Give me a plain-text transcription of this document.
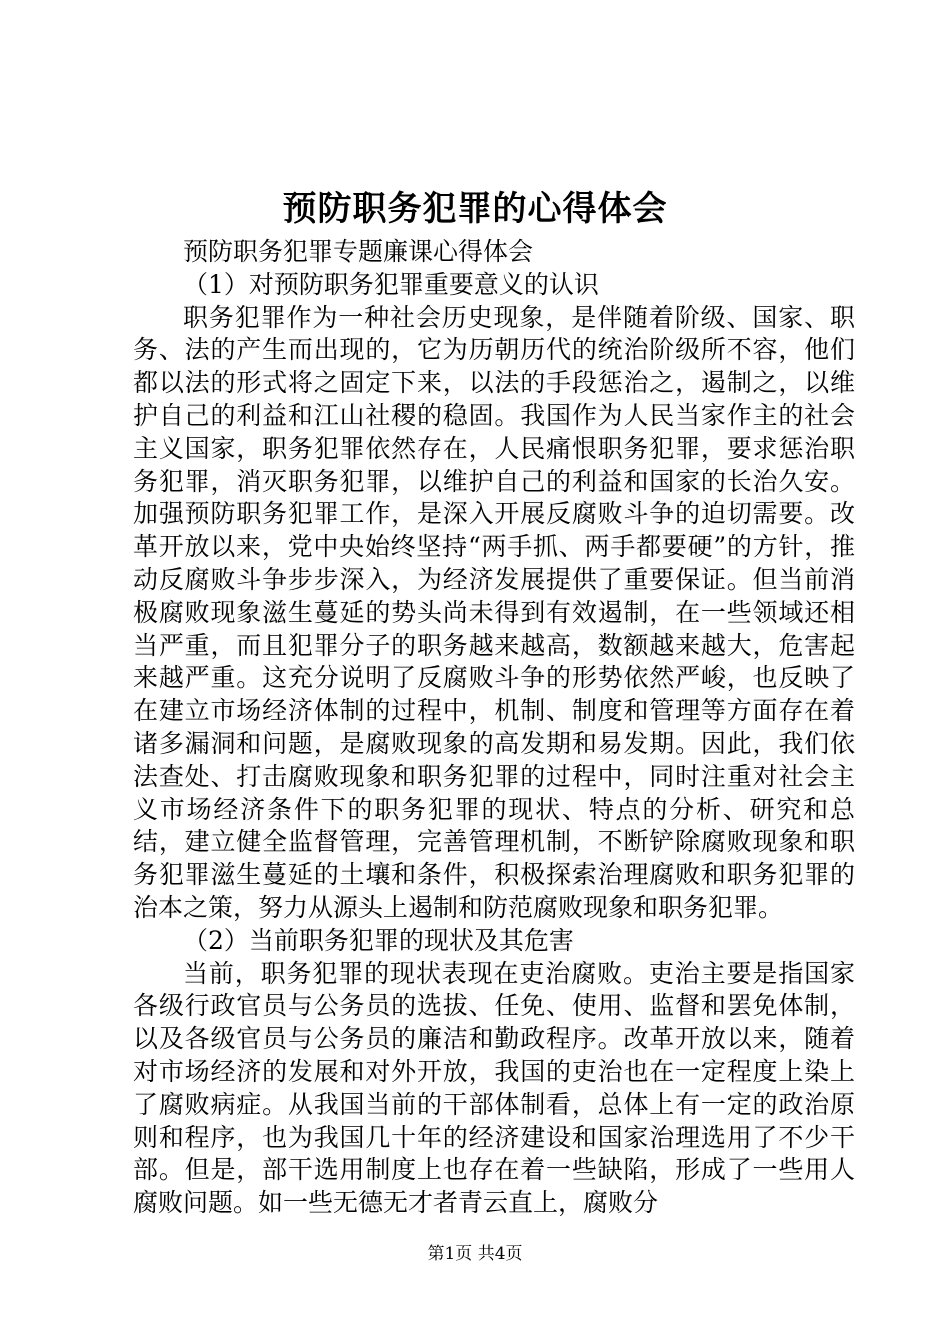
预防职务犯罪的心得体会

预防职务犯罪专题廉课心得体会

（1）对预防职务犯罪重要意义的认识

职务犯罪作为一种社会历史现象，是伴随着阶级、国家、职务、法的产生而出现的，它为历朝历代的统治阶级所不容，他们都以法的形式将之固定下来，以法的手段惩治之，遏制之，以维护自己的利益和江山社稷的稳固。我国作为人民当家作主的社会主义国家，职务犯罪依然存在，人民痛恨职务犯罪，要求惩治职务犯罪，消灭职务犯罪，以维护自己的利益和国家的长治久安。加强预防职务犯罪工作，是深入开展反腐败斗争的迫切需要。改革开放以来，党中央始终坚持“两手抓、两手都要硬”的方针，推动反腐败斗争步步深入，为经济发展提供了重要保证。但当前消极腐败现象滋生蔓延的势头尚未得到有效遏制，在一些领域还相当严重，而且犯罪分子的职务越来越高，数额越来越大，危害起来越严重。这充分说明了反腐败斗争的形势依然严峻，也反映了在建立市场经济体制的过程中，机制、制度和管理等方面存在着诸多漏洞和问题，是腐败现象的高发期和易发期。因此，我们依法查处、打击腐败现象和职务犯罪的过程中，同时注重对社会主义市场经济条件下的职务犯罪的现状、特点的分析、研究和总结，建立健全监督管理，完善管理机制，不断铲除腐败现象和职务犯罪滋生蔓延的土壤和条件，积极探索治理腐败和职务犯罪的治本之策，努力从源头上遏制和防范腐败现象和职务犯罪。

（2）当前职务犯罪的现状及其危害

当前，职务犯罪的现状表现在吏治腐败。吏治主要是指国家各级行政官员与公务员的选拔、任免、使用、监督和罢免体制，以及各级官员与公务员的廉洁和勤政程序。改革开放以来，随着对市场经济的发展和对外开放，我国的吏治也在一定程度上染上了腐败病症。从我国当前的干部体制看，总体上有一定的政治原则和程序，也为我国几十年的经济建设和国家治理选用了不少干部。但是，部干选用制度上也存在着一些缺陷，形成了一些用人腐败问题。如一些无德无才者青云直上，腐败分

第1页 共4页
